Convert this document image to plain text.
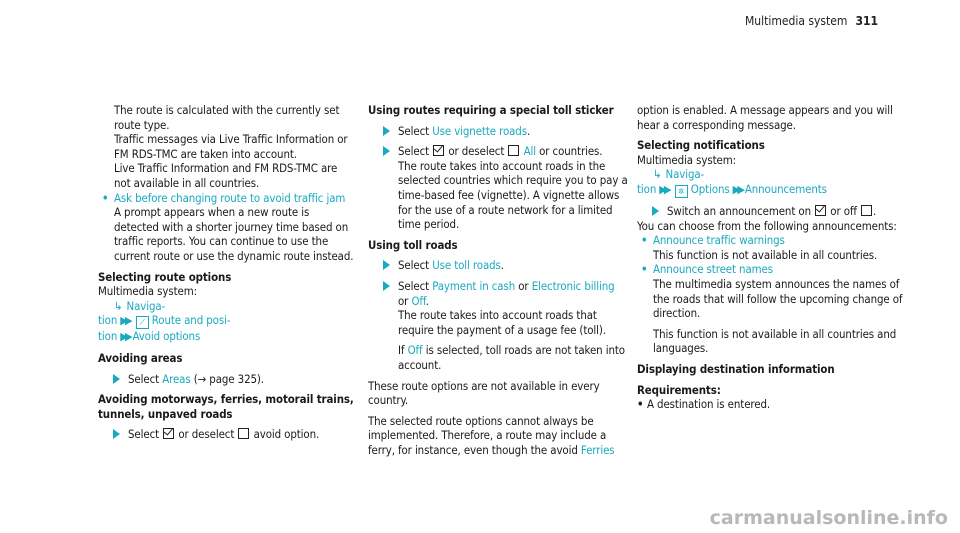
Multimedia system 311

The route is calculated with the currently set route type.

Traffic messages via Live Traffic Information or FM RDS-TMC are taken into account.

Live Traffic Information and FM RDS-TMC are not available in all countries.

• Ask before changing route to avoid traffic jam

A prompt appears when a new route is detected with a shorter journey time based on traffic reports. You can continue to use the current route or use the dynamic route instead.

Selecting route options

Multimedia system:

↳ Naviga-

tion ▶▶ ⟋ Route and posi-

tion ▶▶ Avoid options

Avoiding areas

Select Areas (→ page 325).

Avoiding motorways, ferries, motorail trains, tunnels, unpaved roads

Select or deselect avoid option.

Using routes requiring a special toll sticker

Select Use vignette roads.
Select or deselect All or countries.

The route takes into account roads in the selected countries which require you to pay a time-based fee (vignette). A vignette allows for the use of a route network for a limited time period.

Using toll roads

Select Use toll roads.
Select Payment in cash or Electronic billing
or Off.

The route takes into account roads that require the payment of a usage fee (toll).

If Off is selected, toll roads are not taken into account.

These route options are not available in every country.

The selected route options cannot always be implemented. Therefore, a route may include a ferry, for instance, even though the avoid Ferries

option is enabled. A message appears and you will hear a corresponding message.

Selecting notifications

Multimedia system:

↳ Naviga-

tion ▶▶ ✲ Options ▶▶ Announcements

Switch an announcement on or off .

You can choose from the following announcements:

• Announce traffic warnings

This function is not available in all countries.

• Announce street names

The multimedia system announces the names of the roads that will follow the upcoming change of direction.

This function is not available in all countries and languages.

Displaying destination information

Requirements:

• A destination is entered.
carmanualsonline.info
